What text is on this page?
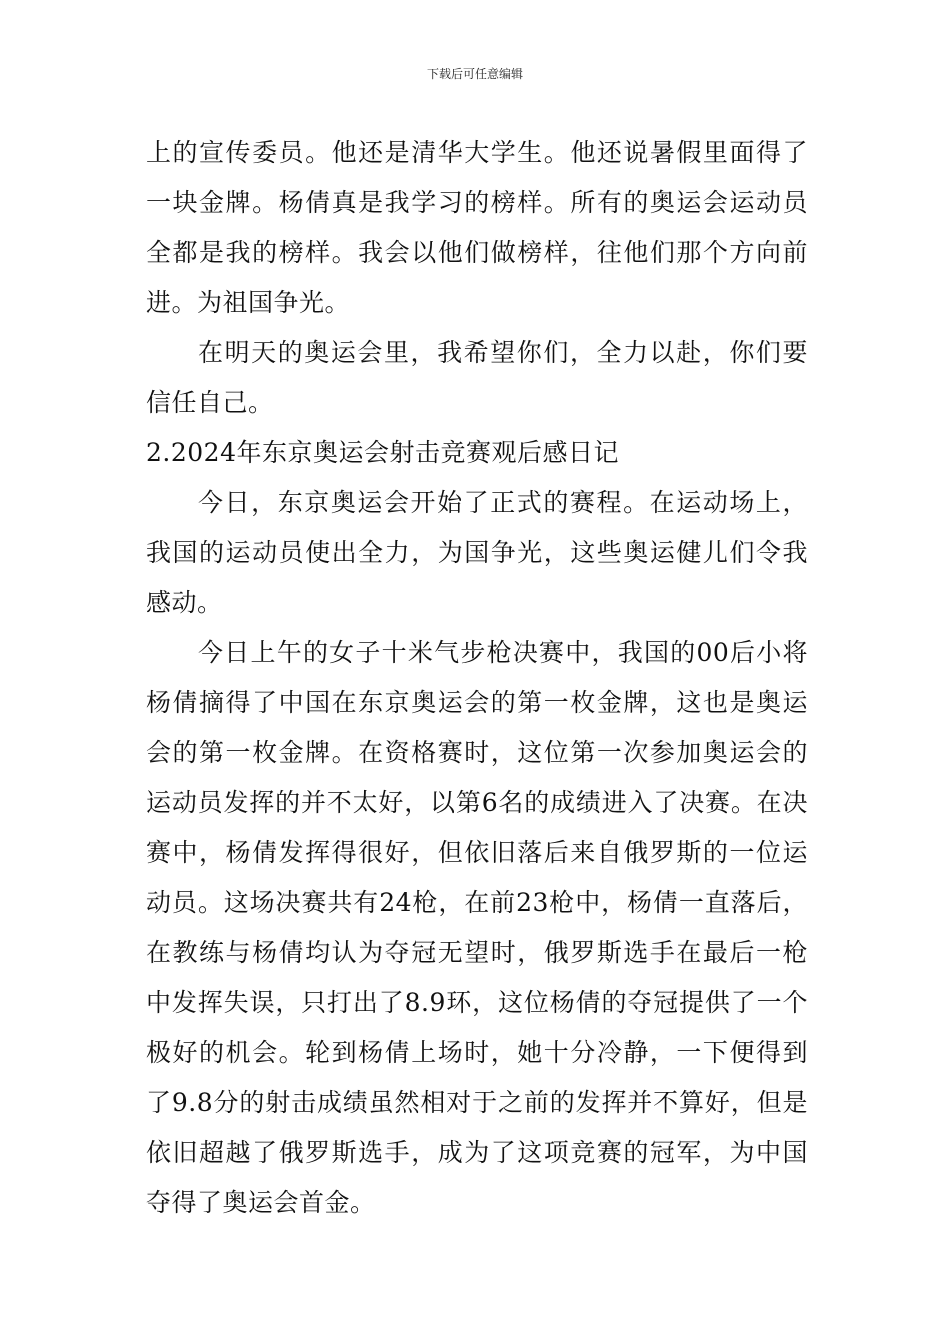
下载后可任意编辑

上的宣传委员。他还是清华大学生。他还说暑假里面得了一块金牌。杨倩真是我学习的榜样。所有的奥运会运动员全都是我的榜样。我会以他们做榜样，往他们那个方向前进。为祖国争光。

在明天的奥运会里，我希望你们，全力以赴，你们要信任自己。

2.2024年东京奥运会射击竞赛观后感日记

今日，东京奥运会开始了正式的赛程。在运动场上，我国的运动员使出全力，为国争光，这些奥运健儿们令我感动。

今日上午的女子十米气步枪决赛中，我国的00后小将杨倩摘得了中国在东京奥运会的第一枚金牌，这也是奥运会的第一枚金牌。在资格赛时，这位第一次参加奥运会的运动员发挥的并不太好，以第6名的成绩进入了决赛。在决赛中，杨倩发挥得很好，但依旧落后来自俄罗斯的一位运动员。这场决赛共有24枪，在前23枪中，杨倩一直落后，在教练与杨倩均认为夺冠无望时，俄罗斯选手在最后一枪中发挥失误，只打出了8.9环，这位杨倩的夺冠提供了一个极好的机会。轮到杨倩上场时，她十分冷静，一下便得到了9.8分的射击成绩虽然相对于之前的发挥并不算好，但是依旧超越了俄罗斯选手，成为了这项竞赛的冠军，为中国夺得了奥运会首金。
